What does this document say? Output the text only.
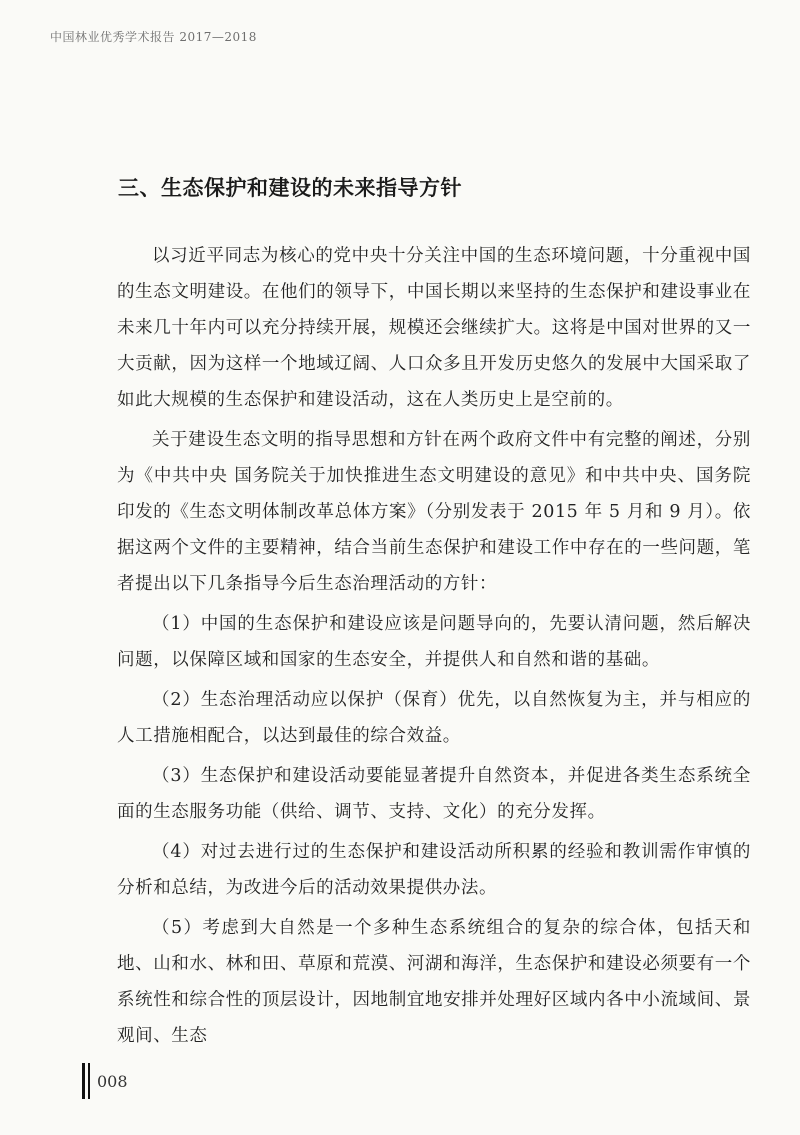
中国林业优秀学术报告 2017—2018
三、生态保护和建设的未来指导方针

以习近平同志为核心的党中央十分关注中国的生态环境问题，十分重视中国的生态文明建设。在他们的领导下，中国长期以来坚持的生态保护和建设事业在未来几十年内可以充分持续开展，规模还会继续扩大。这将是中国对世界的又一大贡献，因为这样一个地域辽阔、人口众多且开发历史悠久的发展中大国采取了如此大规模的生态保护和建设活动，这在人类历史上是空前的。

关于建设生态文明的指导思想和方针在两个政府文件中有完整的阐述，分别为《中共中央 国务院关于加快推进生态文明建设的意见》和中共中央、国务院印发的《生态文明体制改革总体方案》（分别发表于 2015 年 5 月和 9 月）。依据这两个文件的主要精神，结合当前生态保护和建设工作中存在的一些问题，笔者提出以下几条指导今后生态治理活动的方针：

（1）中国的生态保护和建设应该是问题导向的，先要认清问题，然后解决问题，以保障区域和国家的生态安全，并提供人和自然和谐的基础。

（2）生态治理活动应以保护（保育）优先，以自然恢复为主，并与相应的人工措施相配合，以达到最佳的综合效益。

（3）生态保护和建设活动要能显著提升自然资本，并促进各类生态系统全面的生态服务功能（供给、调节、支持、文化）的充分发挥。

（4）对过去进行过的生态保护和建设活动所积累的经验和教训需作审慎的分析和总结，为改进今后的活动效果提供办法。

（5）考虑到大自然是一个多种生态系统组合的复杂的综合体，包括天和地、山和水、林和田、草原和荒漠、河湖和海洋，生态保护和建设必须要有一个系统性和综合性的顶层设计，因地制宜地安排并处理好区域内各中小流域间、景观间、生态

008
